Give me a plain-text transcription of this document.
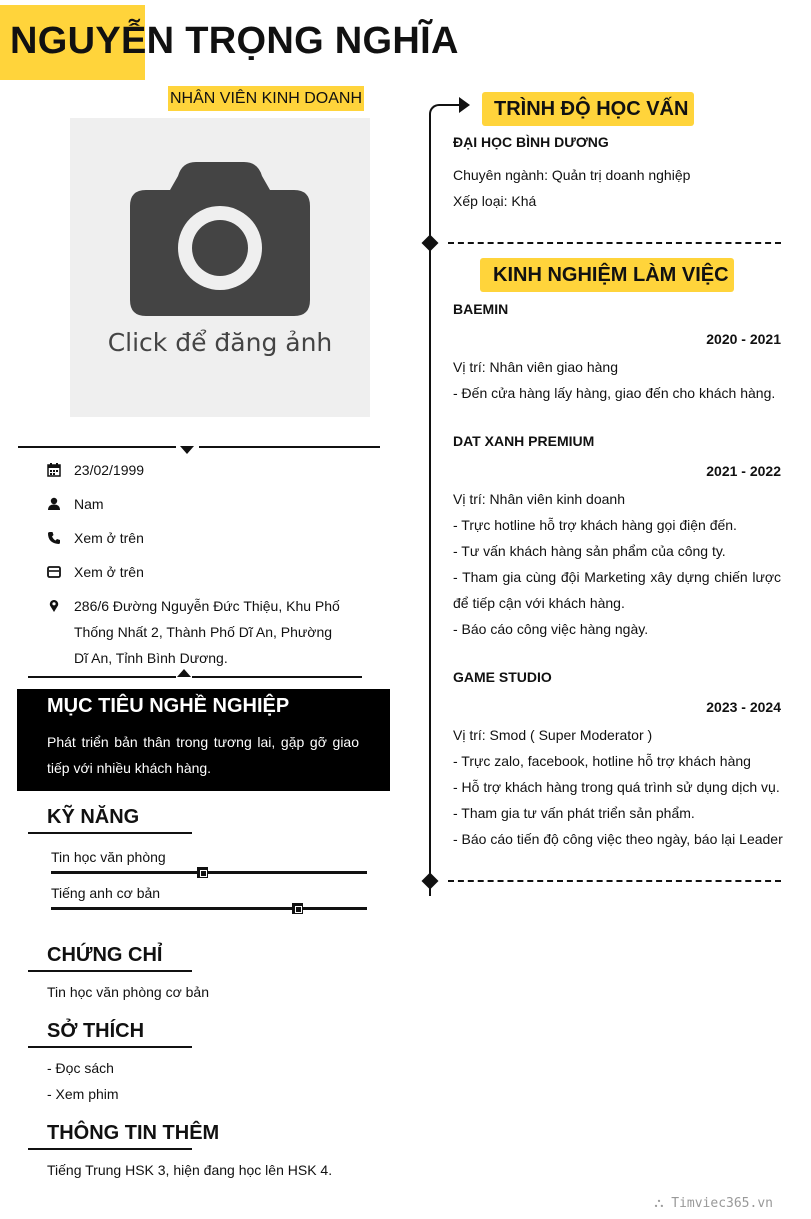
NGUYỄN TRỌNG NGHĨA
NHÂN VIÊN KINH DOANH
Click để đăng ảnh
23/02/1999
Nam
Xem ở trên
Xem ở trên
286/6 Đường Nguyễn Đức Thiệu, Khu Phố Thống Nhất 2, Thành Phố Dĩ An, Phường Dĩ An, Tỉnh Bình Dương.
MỤC TIÊU NGHỀ NGHIỆP
Phát triển bản thân trong tương lai, gặp gỡ giao tiếp với nhiều khách hàng.
KỸ NĂNG
Tin học văn phòng
Tiếng anh cơ bản
CHỨNG CHỈ
Tin học văn phòng cơ bản
SỞ THÍCH
- Đọc sách
- Xem phim
THÔNG TIN THÊM
Tiếng Trung HSK 3, hiện đang học lên HSK 4.
TRÌNH ĐỘ HỌC VẤN
ĐẠI HỌC BÌNH DƯƠNG
Chuyên ngành: Quản trị doanh nghiệp
Xếp loại: Khá
KINH NGHIỆM LÀM VIỆC
BAEMIN
2020 - 2021
Vị trí: Nhân viên giao hàng
- Đến cửa hàng lấy hàng, giao đến cho khách hàng.
DAT XANH PREMIUM
2021 - 2022
Vị trí: Nhân viên kinh doanh
- Trực hotline hỗ trợ khách hàng gọi điện đến.
- Tư vấn khách hàng sản phẩm của công ty.
- Tham gia cùng đội Marketing xây dựng chiến lược để tiếp cận với khách hàng.
- Báo cáo công việc hàng ngày.
GAME STUDIO
2023 - 2024
Vị trí: Smod ( Super Moderator )
- Trực zalo, facebook, hotline hỗ trợ khách hàng
- Hỗ trợ khách hàng trong quá trình sử dụng dịch vụ.
- Tham gia tư vấn phát triển sản phẩm.
- Báo cáo tiến độ công việc theo ngày, báo lại Leader
⛬ Timviec365.vn
